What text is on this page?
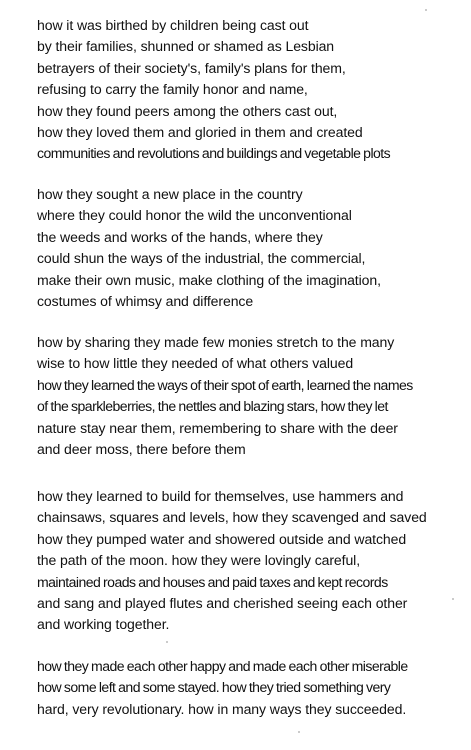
how it was birthed by children being cast out
by their families, shunned or shamed as Lesbian
betrayers of their society's, family's plans for them,
refusing to carry the family honor and name,
how they found peers among the others cast out,
how they loved them and gloried in them and created
communities and revolutions and buildings and vegetable plots
how they sought a new place in the country
where they could honor the wild the unconventional
the weeds and works of the hands, where they
could shun the ways of the industrial, the commercial,
make their own music, make clothing of the imagination,
costumes of whimsy and difference
how by sharing they made few monies stretch to the many
wise to how little they needed of what others valued
how they learned the ways of their spot of earth, learned the names
of the sparkleberries, the nettles and blazing stars, how they let
nature stay near them, remembering to share with the deer
and deer moss, there before them
how they learned to build for themselves, use hammers and
chainsaws, squares and levels, how they scavenged and saved
how they pumped water and showered outside and watched
the path of the moon. how they were lovingly careful,
maintained roads and houses and paid taxes and kept records
and sang and played flutes and cherished seeing each other
and working together.
how they made each other happy and made each other miserable
how some left and some stayed. how they tried something very
hard, very revolutionary. how in many ways they succeeded.
